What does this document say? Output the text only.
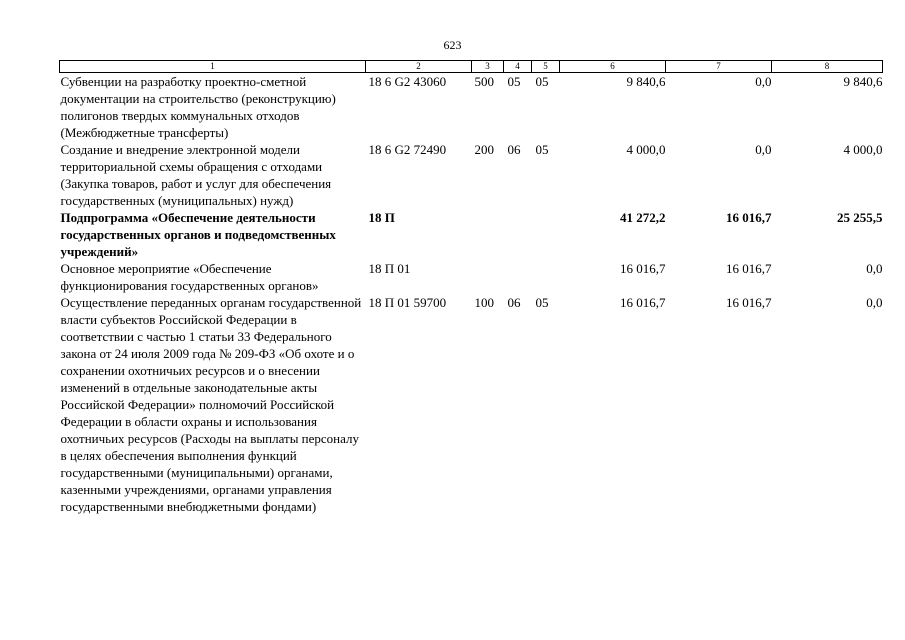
623
1	2	3	4	5	6	7	8
Субвенции на разработку проектно-сметной документации на строительство (реконструкцию) полигонов твердых коммунальных отходов (Межбюджетные трансферты)	18 6 G2 43060	500	05	05	9 840,6	0,0	9 840,6
Создание и внедрение электронной модели территориальной схемы обращения с отходами (Закупка товаров, работ и услуг для обеспечения государственных (муниципальных) нужд)	18 6 G2 72490	200	06	05	4 000,0	0,0	4 000,0
Подпрограмма «Обеспечение деятельности государственных органов и подведомственных учреждений»	18 П				41 272,2	16 016,7	25 255,5
Основное мероприятие «Обеспечение функционирования государственных органов»	18 П 01				16 016,7	16 016,7	0,0
Осуществление переданных органам государственной власти субъектов Российской Федерации в соответствии с частью 1 статьи 33 Федерального закона от 24 июля 2009 года № 209-ФЗ «Об охоте и о сохранении охотничьих ресурсов и о внесении изменений в отдельные законодательные акты Российской Федерации» полномочий Российской Федерации в области охраны и использования охотничьих ресурсов (Расходы на выплаты персоналу в целях обеспечения выполнения функций государственными (муниципальными) органами, казенными учреждениями, органами управления государственными внебюджетными фондами)	18 П 01 59700	100	06	05	16 016,7	16 016,7	0,0
